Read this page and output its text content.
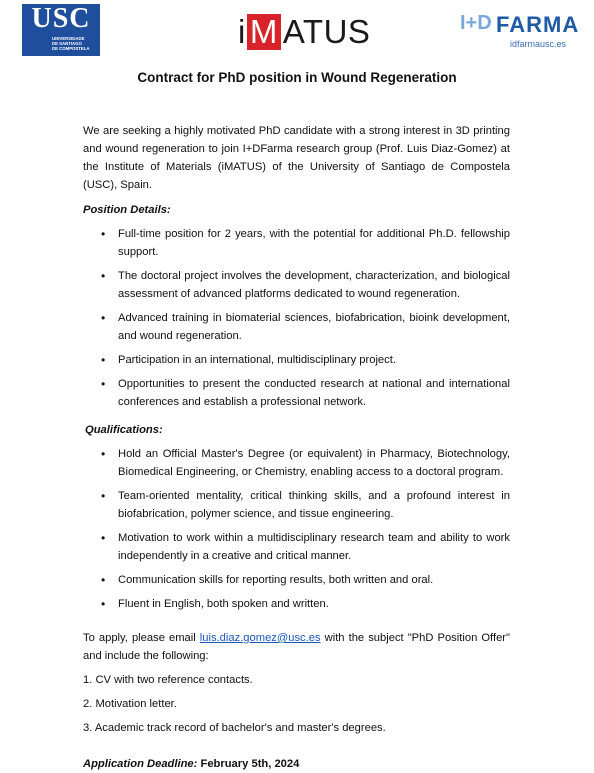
USC
UNIVERSIDADE
DE SANTIAGO
DE COMPOSTELA	i M ATUS	I+D FARMA
idfarmausc.es
Contract for PhD position in Wound Regeneration

We are seeking a highly motivated PhD candidate with a strong interest in 3D printing and wound regeneration to join I+DFarma research group (Prof. Luis Diaz-Gomez) at the Institute of Materials (iMATUS) of the University of Santiago de Compostela (USC), Spain.

Position Details:

• Full-time position for 2 years, with the potential for additional Ph.D. fellowship support.
• The doctoral project involves the development, characterization, and biological assessment of advanced platforms dedicated to wound regeneration.
• Advanced training in biomaterial sciences, biofabrication, bioink development, and wound regeneration.
• Participation in an international, multidisciplinary project.
• Opportunities to present the conducted research at national and international conferences and establish a professional network.

Qualifications:

• Hold an Official Master's Degree (or equivalent) in Pharmacy, Biotechnology, Biomedical Engineering, or Chemistry, enabling access to a doctoral program.
• Team-oriented mentality, critical thinking skills, and a profound interest in biofabrication, polymer science, and tissue engineering.
• Motivation to work within a multidisciplinary research team and ability to work independently in a creative and critical manner.
• Communication skills for reporting results, both written and oral.
• Fluent in English, both spoken and written.

To apply, please email luis.diaz.gomez@usc.es with the subject "PhD Position Offer" and include the following:

1. CV with two reference contacts.

2. Motivation letter.

3. Academic track record of bachelor's and master's degrees.

Application Deadline: February 5th, 2024
